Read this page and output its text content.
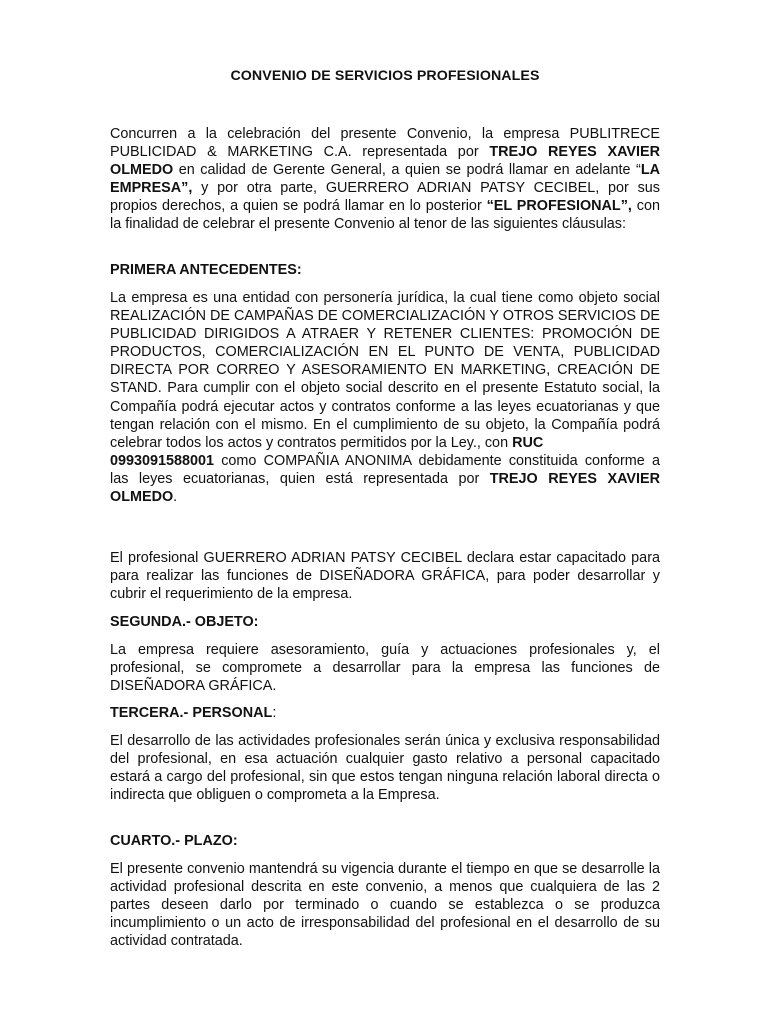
CONVENIO DE SERVICIOS PROFESIONALES

Concurren a la celebración del presente Convenio, la empresa PUBLITRECE PUBLICIDAD & MARKETING C.A. representada por TREJO REYES XAVIER OLMEDO en calidad de Gerente General, a quien se podrá llamar en adelante “LA EMPRESA”, y por otra parte, GUERRERO ADRIAN PATSY CECIBEL, por sus propios derechos, a quien se podrá llamar en lo posterior “EL PROFESIONAL”, con la finalidad de celebrar el presente Convenio al tenor de las siguientes cláusulas:

PRIMERA ANTECEDENTES:

La empresa es una entidad con personería jurídica, la cual tiene como objeto social REALIZACIÓN DE CAMPAÑAS DE COMERCIALIZACIÓN Y OTROS SERVICIOS DE PUBLICIDAD DIRIGIDOS A ATRAER Y RETENER CLIENTES: PROMOCIÓN DE PRODUCTOS, COMERCIALIZACIÓN EN EL PUNTO DE VENTA, PUBLICIDAD DIRECTA POR CORREO Y ASESORAMIENTO EN MARKETING, CREACIÓN DE STAND. Para cumplir con el objeto social descrito en el presente Estatuto social, la Compañía podrá ejecutar actos y contratos conforme a las leyes ecuatorianas y que tengan relación con el mismo. En el cumplimiento de su objeto, la Compañía podrá celebrar todos los actos y contratos permitidos por la Ley., con RUC
0993091588001 como COMPAÑIA ANONIMA debidamente constituida conforme a las leyes ecuatorianas, quien está representada por TREJO REYES XAVIER OLMEDO.

El profesional GUERRERO ADRIAN PATSY CECIBEL declara estar capacitado para para realizar las funciones de DISEÑADORA GRÁFICA, para poder desarrollar y cubrir el requerimiento de la empresa.

SEGUNDA.- OBJETO:

La empresa requiere asesoramiento, guía y actuaciones profesionales y, el profesional, se compromete a desarrollar para la empresa las funciones de DISEÑADORA GRÁFICA.

TERCERA.- PERSONAL:

El desarrollo de las actividades profesionales serán única y exclusiva responsabilidad del profesional, en esa actuación cualquier gasto relativo a personal capacitado estará a cargo del profesional, sin que estos tengan ninguna relación laboral directa o indirecta que obliguen o comprometa a la Empresa.

CUARTO.- PLAZO:

El presente convenio mantendrá su vigencia durante el tiempo en que se desarrolle la actividad profesional descrita en este convenio, a menos que cualquiera de las 2 partes deseen darlo por terminado o cuando se establezca o se produzca incumplimiento o un acto de irresponsabilidad del profesional en el desarrollo de su actividad contratada.
